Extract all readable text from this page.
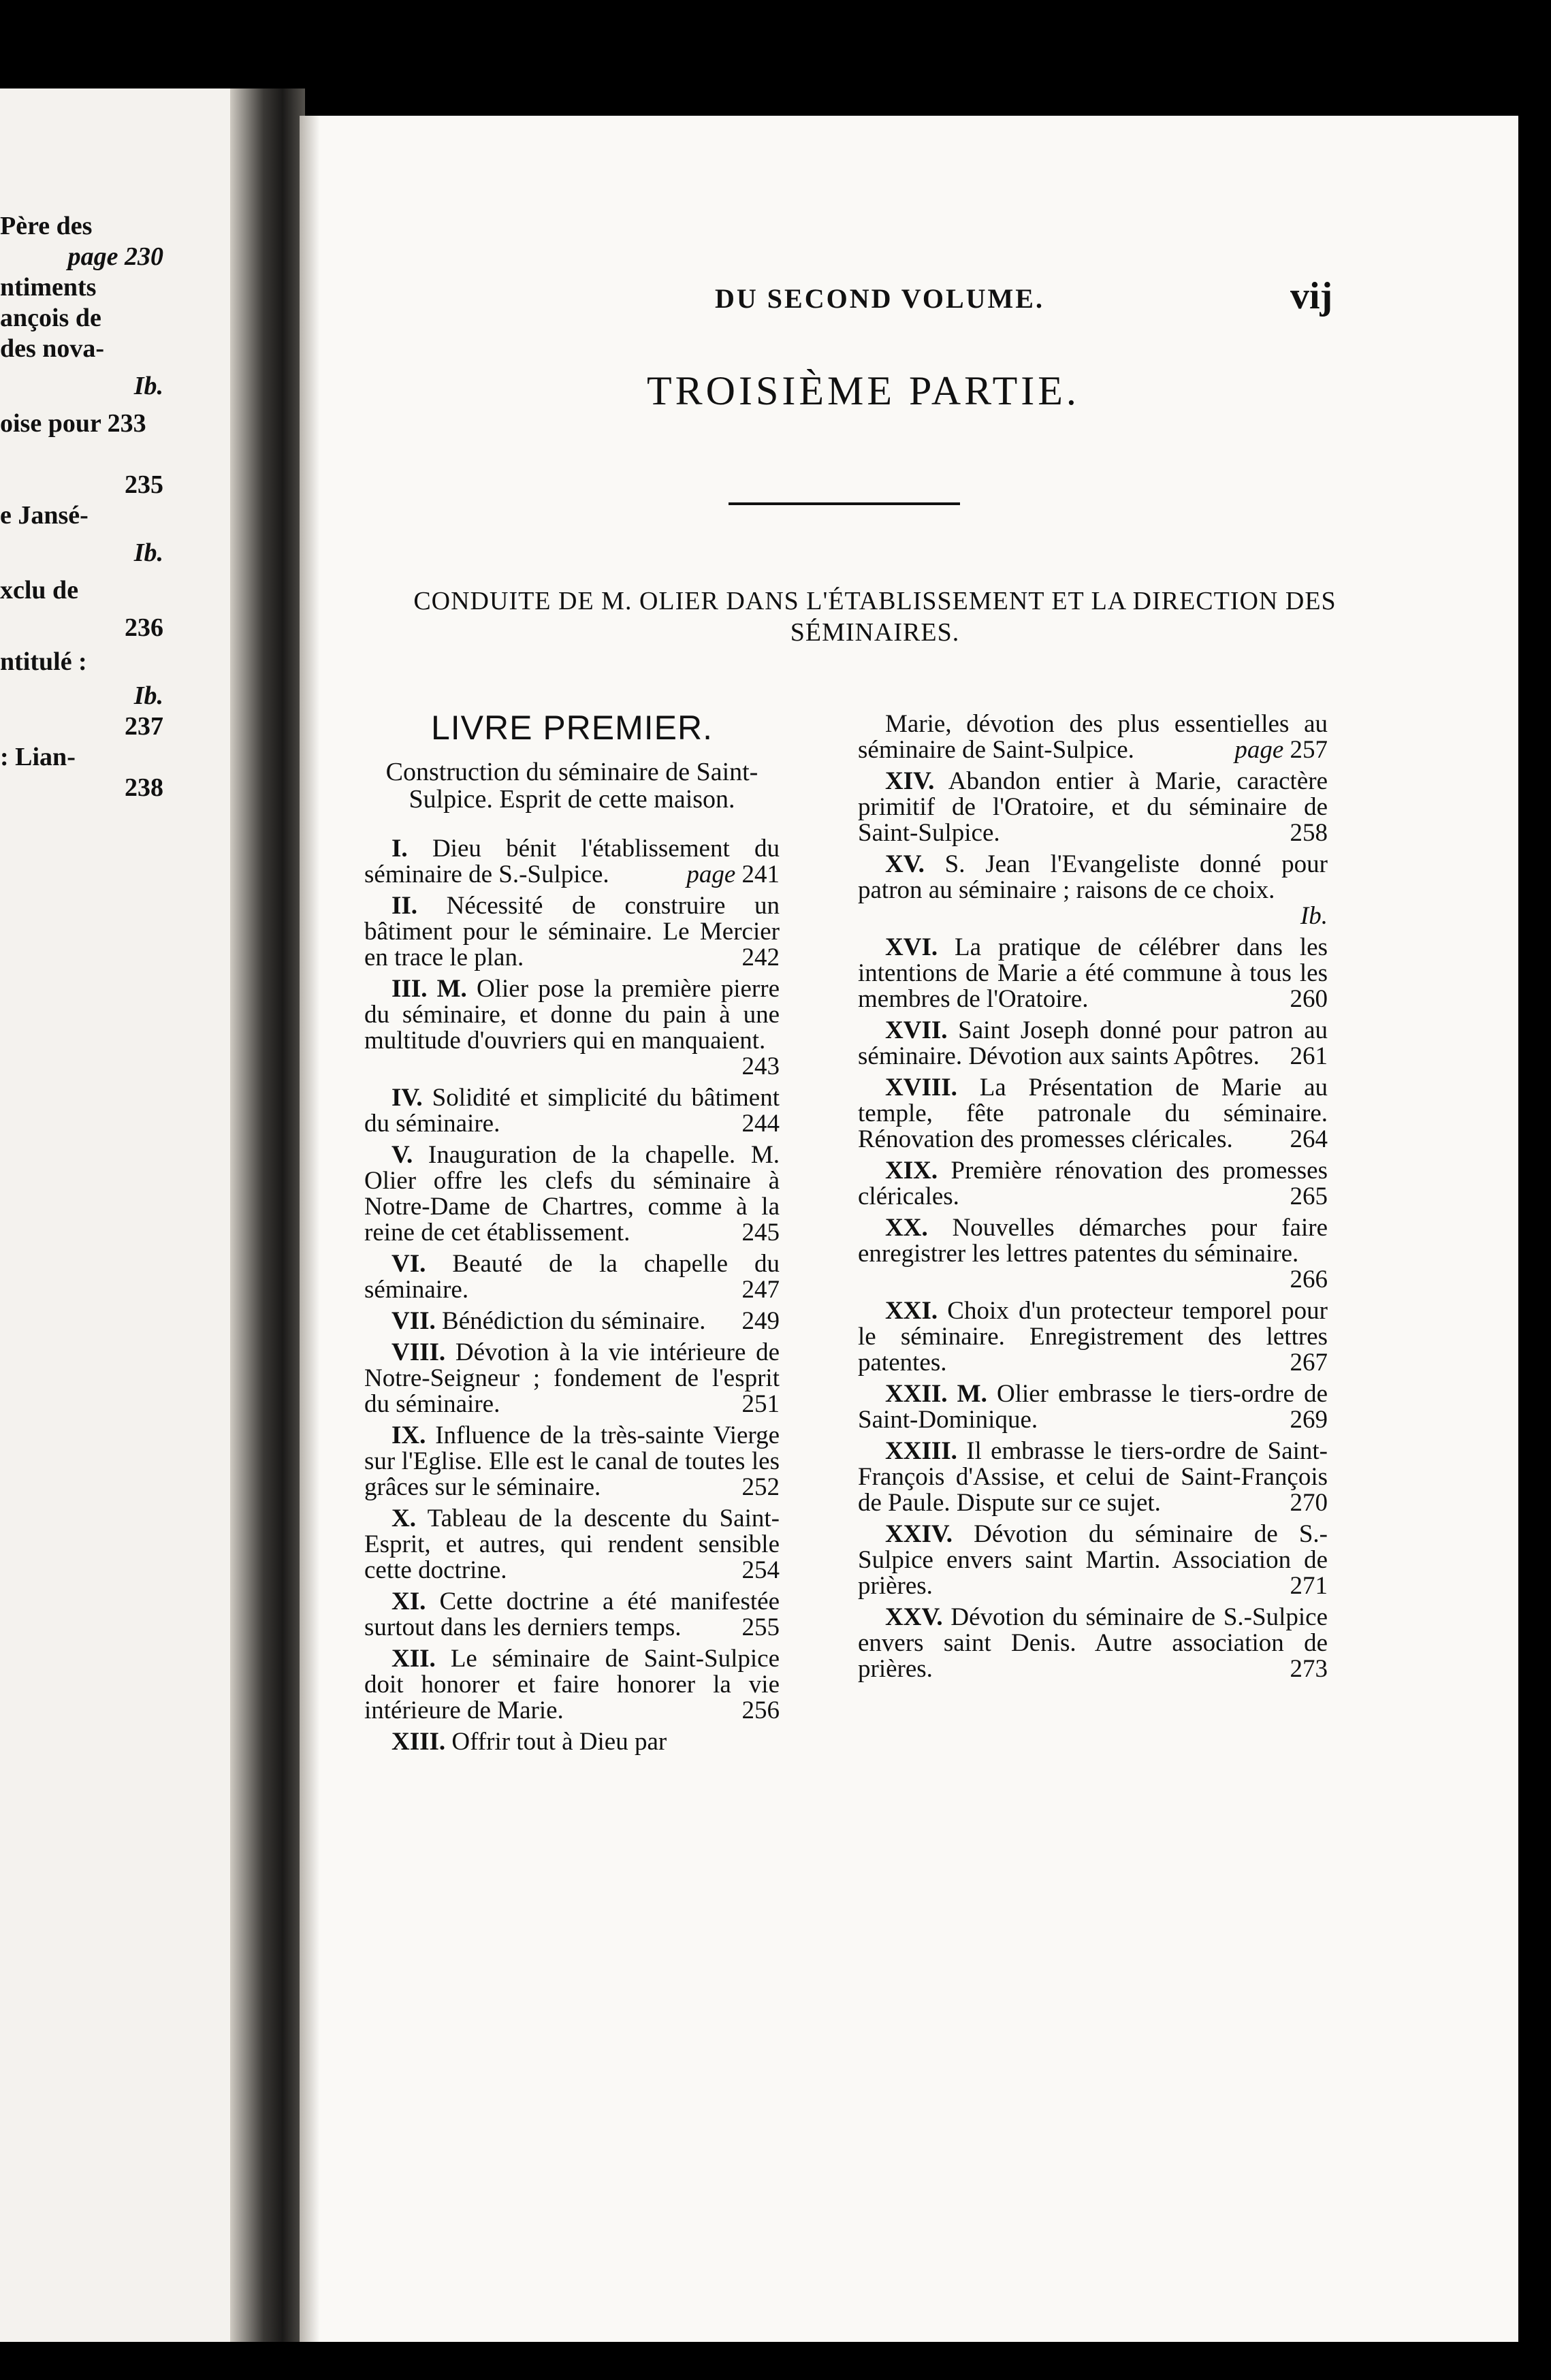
Père des
page 230
ntiments
ançois de
des nova-
Ib.
oise pour 233
235
e Jansé-
Ib.
xclu de
236
ntitulé :
Ib.
237
: Lian-
238
DU SECOND VOLUME.	vij
TROISIÈME PARTIE.
CONDUITE DE M. OLIER DANS L'ÉTABLISSEMENT ET LA DIRECTION DES SÉMINAIRES.
LIVRE PREMIER.
Construction du séminaire de Saint-Sulpice. Esprit de cette maison.
I. Dieu bénit l'établissement du séminaire de S.-Sulpice.	page 241
II. Nécessité de construire un bâtiment pour le séminaire. Le Mercier en trace le plan.	242
III. M. Olier pose la première pierre du séminaire, et donne du pain à une multitude d'ouvriers qui en manquaient.
243
IV. Solidité et simplicité du bâtiment du séminaire.	244
V. Inauguration de la chapelle. M. Olier offre les clefs du séminaire à Notre-Dame de Chartres, comme à la reine de cet établissement.	245
VI. Beauté de la chapelle du séminaire.	247
VII. Bénédiction du séminaire.	249
VIII. Dévotion à la vie intérieure de Notre-Seigneur ; fondement de l'esprit du séminaire.	251
IX. Influence de la très-sainte Vierge sur l'Eglise. Elle est le canal de toutes les grâces sur le séminaire.	252
X. Tableau de la descente du Saint-Esprit, et autres, qui rendent sensible cette doctrine.	254
XI. Cette doctrine a été manifestée surtout dans les derniers temps.	255
XII. Le séminaire de Saint-Sulpice doit honorer et faire honorer la vie intérieure de Marie.	256
XIII. Offrir tout à Dieu par
Marie, dévotion des plus essentielles au séminaire de Saint-Sulpice.	page 257
XIV. Abandon entier à Marie, caractère primitif de l'Oratoire, et du séminaire de Saint-Sulpice.	258
XV. S. Jean l'Evangeliste donné pour patron au séminaire ; raisons de ce choix.
Ib.
XVI. La pratique de célébrer dans les intentions de Marie a été commune à tous les membres de l'Oratoire.	260
XVII. Saint Joseph donné pour patron au séminaire. Dévotion aux saints Apôtres.	261
XVIII. La Présentation de Marie au temple, fête patronale du séminaire. Rénovation des promesses cléricales.	264
XIX. Première rénovation des promesses cléricales.	265
XX. Nouvelles démarches pour faire enregistrer les lettres patentes du séminaire.
266
XXI. Choix d'un protecteur temporel pour le séminaire. Enregistrement des lettres patentes.	267
XXII. M. Olier embrasse le tiers-ordre de Saint-Dominique.	269
XXIII. Il embrasse le tiers-ordre de Saint-François d'Assise, et celui de Saint-François de Paule. Dispute sur ce sujet.	270
XXIV. Dévotion du séminaire de S.-Sulpice envers saint Martin. Association de prières.	271
XXV. Dévotion du séminaire de S.-Sulpice envers saint Denis. Autre association de prières.	273
